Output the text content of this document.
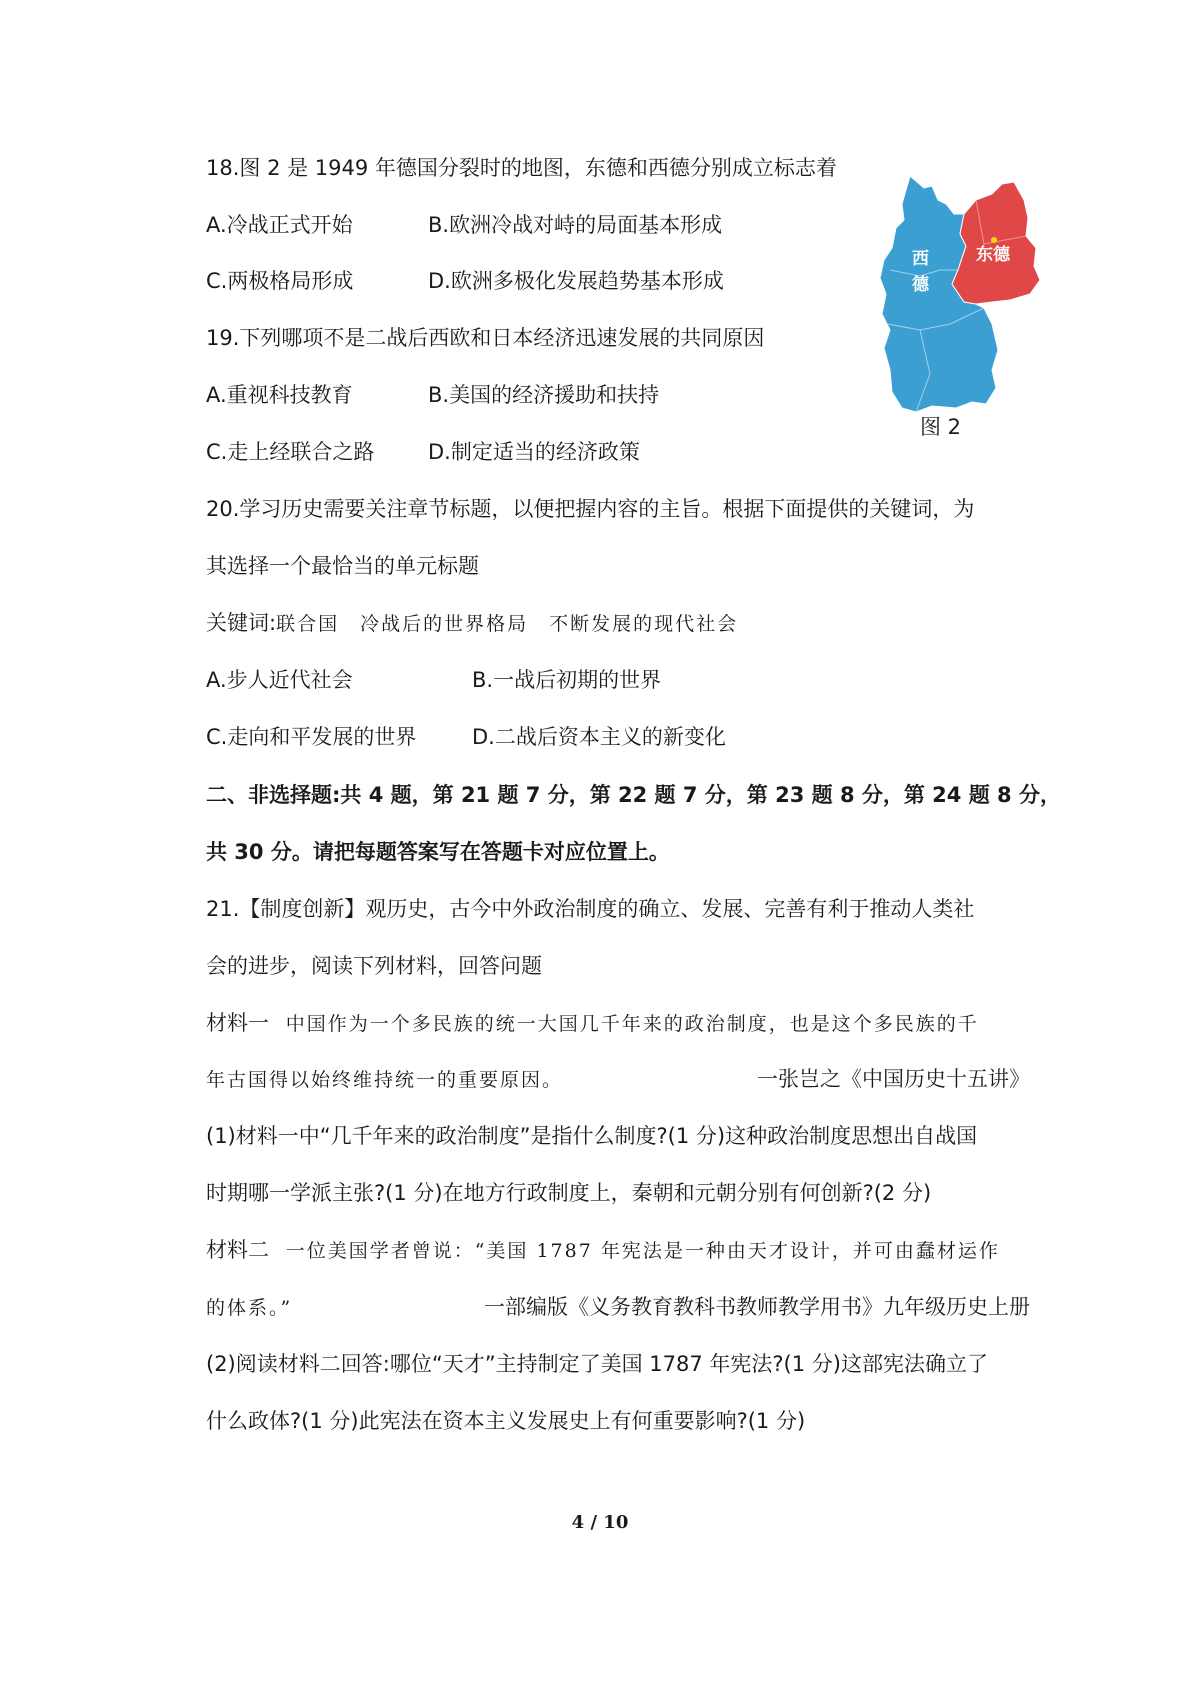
18.图 2 是 1949 年德国分裂时的地图，东德和西德分别成立标志着
A.冷战正式开始	B.欧洲冷战对峙的局面基本形成
C.两极格局形成	D.欧洲多极化发展趋势基本形成
西
德
东德
图 2
19.下列哪项不是二战后西欧和日本经济迅速发展的共同原因
A.重视科技教育	B.美国的经济援助和扶持
C.走上经联合之路	D.制定适当的经济政策
20.学习历史需要关注章节标题，以便把握内容的主旨。根据下面提供的关键词，为
其选择一个最恰当的单元标题
关键词:联合国　冷战后的世界格局　不断发展的现代社会
A.步人近代社会	B.一战后初期的世界
C.走向和平发展的世界	D.二战后资本主义的新变化
二、非选择题:共 4 题，第 21 题 7 分，第 22 题 7 分，第 23 题 8 分，第 24 题 8 分，
共 30 分。请把每题答案写在答题卡对应位置上。
21.【制度创新】观历史，古今中外政治制度的确立、发展、完善有利于推动人类社
会的进步，阅读下列材料，回答问题
材料一 中国作为一个多民族的统一大国几千年来的政治制度，也是这个多民族的千
年古国得以始终维持统一的重要原因。	一张岂之《中国历史十五讲》
(1)材料一中“几千年来的政治制度”是指什么制度?(1 分)这种政治制度思想出自战国
时期哪一学派主张?(1 分)在地方行政制度上，秦朝和元朝分别有何创新?(2 分)
材料二 一位美国学者曾说：“美国 1787 年宪法是一种由天才设计，并可由蠢材运作
的体系。”	一部编版《义务教育教科书教师教学用书》九年级历史上册
(2)阅读材料二回答:哪位“天才”主持制定了美国 1787 年宪法?(1 分)这部宪法确立了
什么政体?(1 分)此宪法在资本主义发展史上有何重要影响?(1 分)
4 / 10
